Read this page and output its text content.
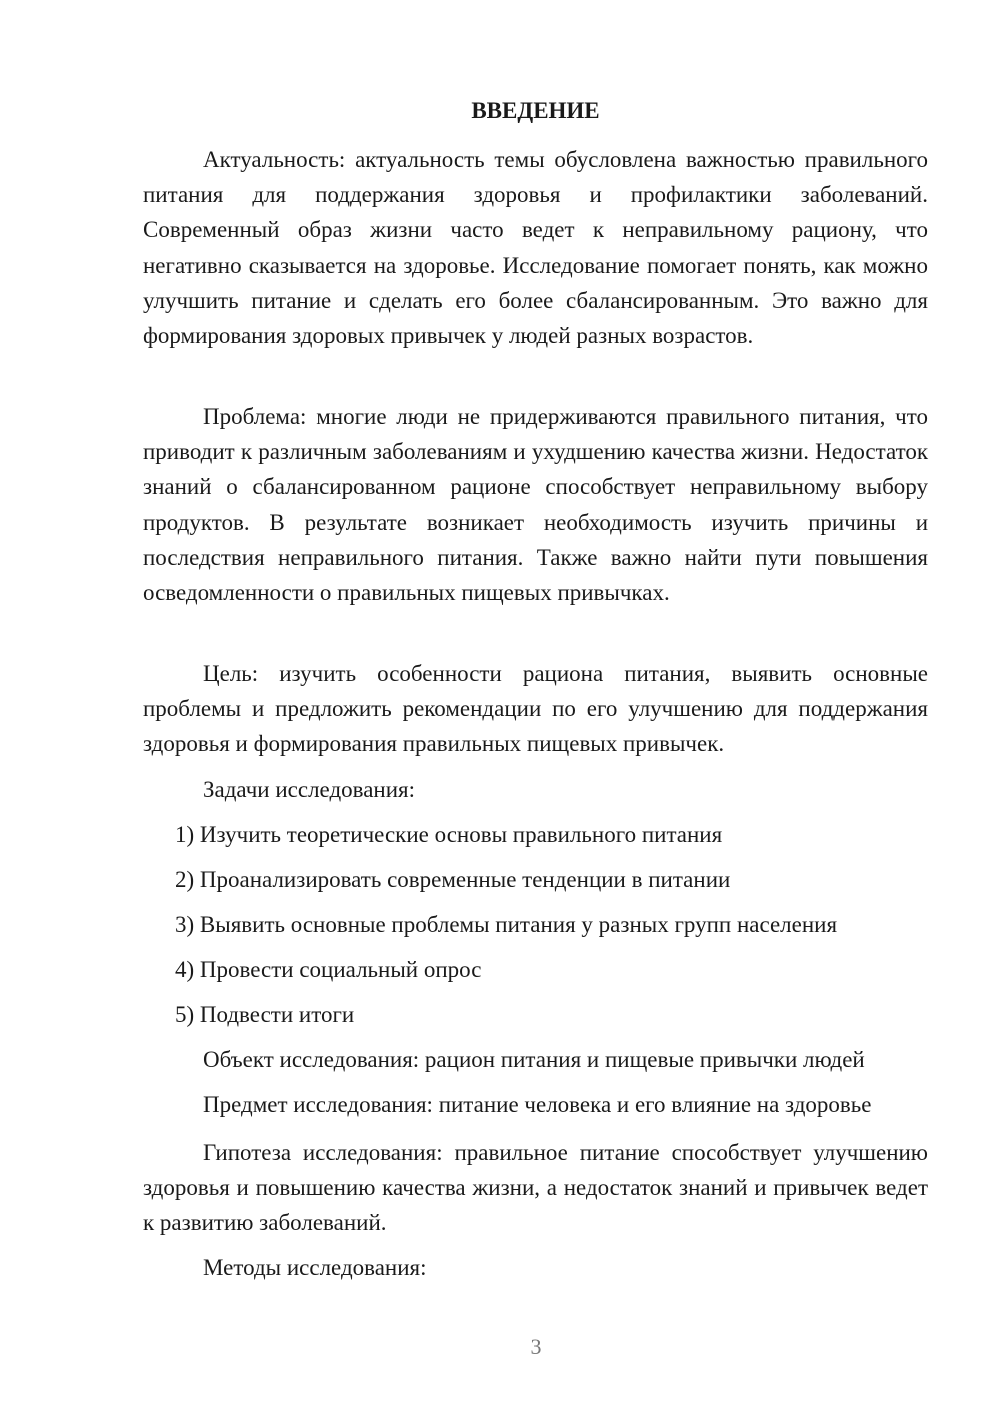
ВВЕДЕНИЕ

Актуальность: актуальность темы обусловлена важностью правильного питания для поддержания здоровья и профилактики заболеваний. Современный образ жизни часто ведет к неправильному рациону, что негативно сказывается на здоровье. Исследование помогает понять, как можно улучшить питание и сделать его более сбалансированным. Это важно для формирования здоровых привычек у людей разных возрастов.

Проблема: многие люди не придерживаются правильного питания, что приводит к различным заболеваниям и ухудшению качества жизни. Недостаток знаний о сбалансированном рационе способствует неправильному выбору продуктов. В результате возникает необходимость изучить причины и последствия неправильного питания. Также важно найти пути повышения осведомленности о правильных пищевых привычках.

Цель: изучить особенности рациона питания, выявить основные проблемы и предложить рекомендации по его улучшению для поддержания здоровья и формирования правильных пищевых привычек.

Задачи исследования:
1) Изучить теоретические основы правильного питания
2) Проанализировать современные тенденции в питании
3) Выявить основные проблемы питания у разных групп населения
4) Провести социальный опрос
5) Подвести итоги
Объект исследования: рацион питания и пищевые привычки людей
Предмет исследования: питание человека и его влияние на здоровье

Гипотеза исследования: правильное питание способствует улучшению здоровья и повышению качества жизни, а недостаток знаний и привычек ведет к развитию заболеваний.

Методы исследования:
3
